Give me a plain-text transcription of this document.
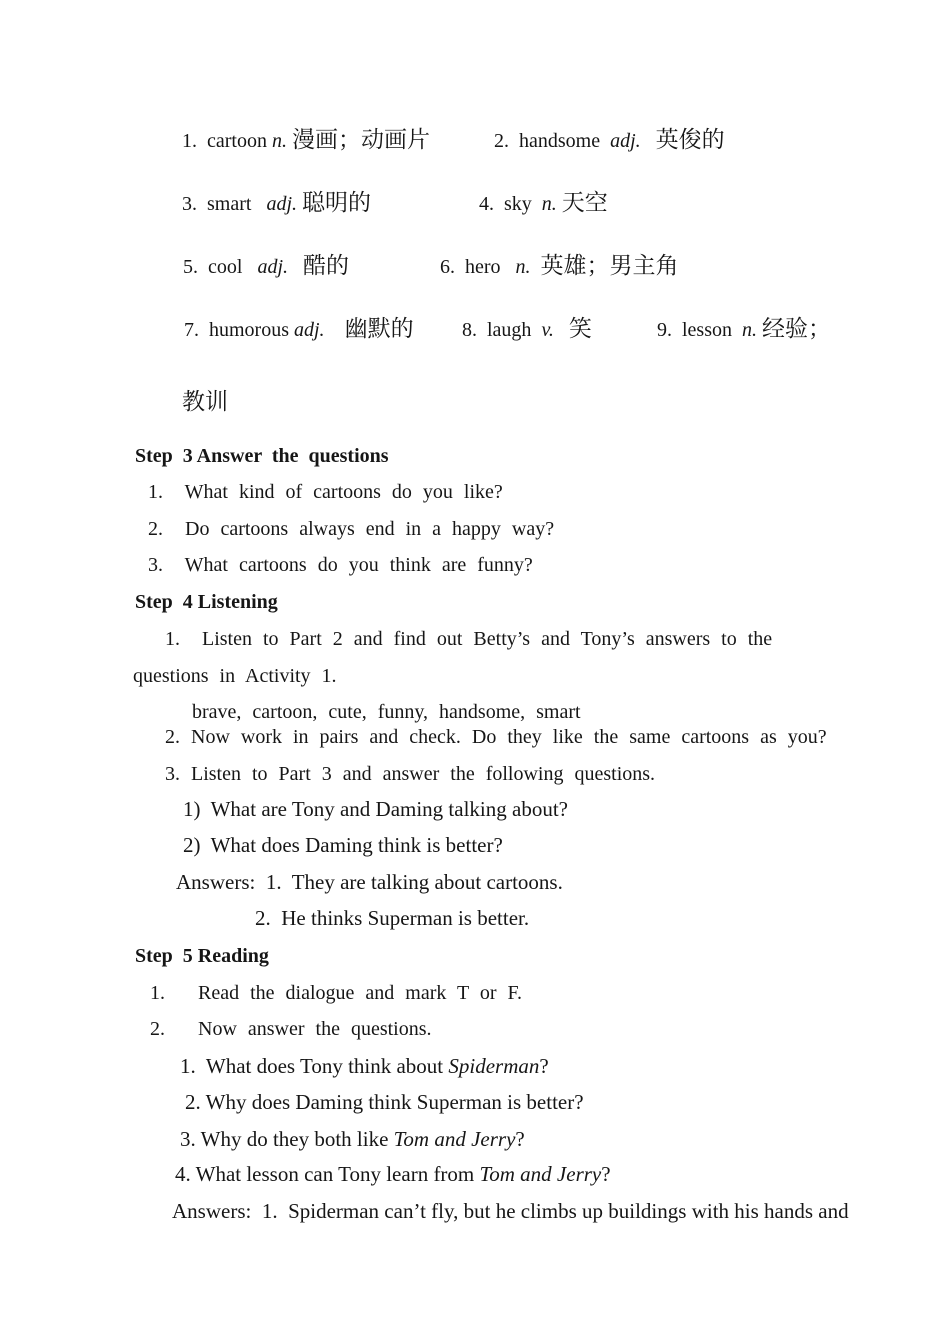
1.  cartoon n. 漫画；动画片	2.  handsome  adj. 英俊的
3.  smart   adj. 聪明的	4.  sky  n. 天空
5.  cool   adj. 酷的	6.  hero   n. 英雄；男主角
7.  humorous adj. 幽默的 8.  laugh  v. 笑	9.  lesson  n. 经验；
教训
Step  3 Answer  the  questions
1.  What kind of cartoons do you like?
2.  Do cartoons always end in a happy way?
3.  What cartoons do you think are funny?
Step  4 Listening
1.  Listen to Part 2 and find out Betty’s and Tony’s answers to the
questions in Activity 1.
brave, cartoon, cute, funny, handsome, smart
2. Now work in pairs and check. Do they like the same cartoons as you?
3. Listen to Part 3 and answer the following questions.
1)  What are Tony and Daming talking about?
2)  What does Daming think is better?
Answers:  1.  They are talking about cartoons.
2.  He thinks Superman is better.
Step  5 Reading
1.   Read the dialogue and mark T or F.
2.   Now answer the questions.
1.  What does Tony think about Spiderman?
2. Why does Daming think Superman is better?
3. Why do they both like Tom and Jerry?
4. What lesson can Tony learn from Tom and Jerry?
Answers:  1.  Spiderman can’t fly, but he climbs up buildings with his hands and
